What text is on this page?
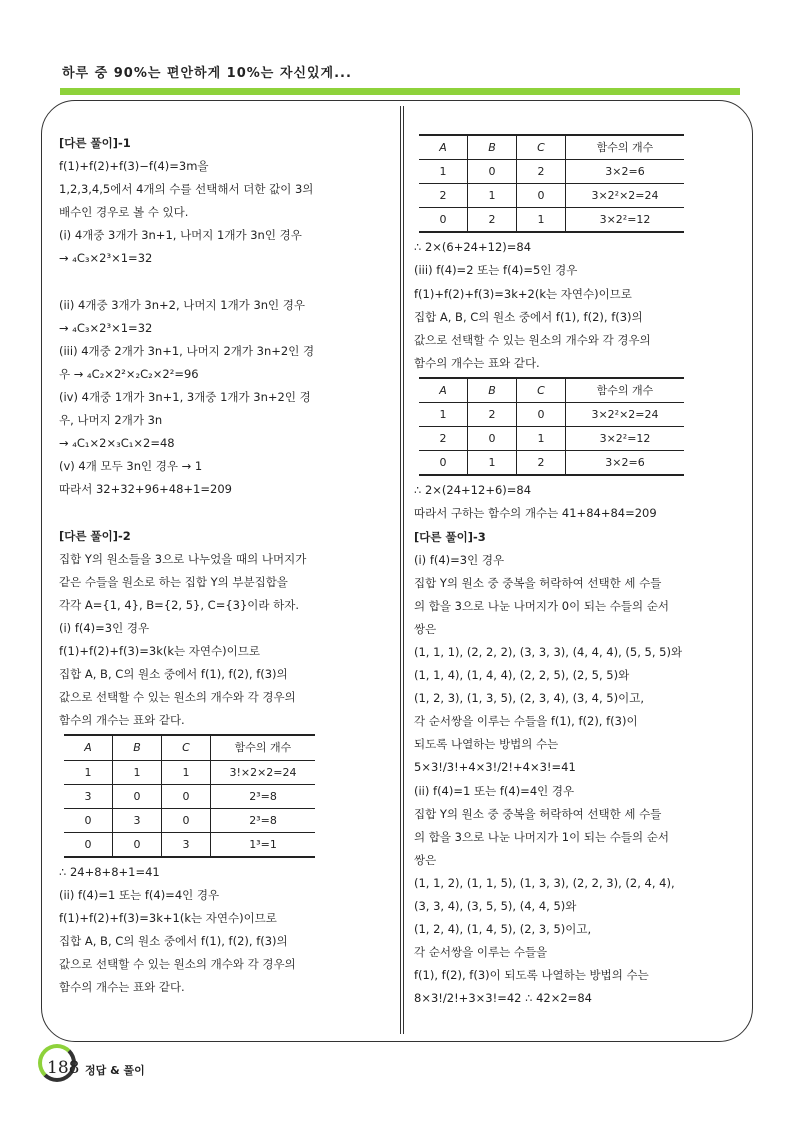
하루 중 90%는 편안하게 10%는 자신있게...
[다른 풀이]-1
f(1)+f(2)+f(3)−f(4)=3m을
1,2,3,4,5에서 4개의 수를 선택해서 더한 값이 3의
배수인 경우로 볼 수 있다.
(i) 4개중 3개가 3n+1, 나머지 1개가 3n인 경우
→ ₄C₃×2³×1=32
(ii) 4개중 3개가 3n+2, 나머지 1개가 3n인 경우
→ ₄C₃×2³×1=32
(iii) 4개중 2개가 3n+1, 나머지 2개가 3n+2인 경
우 → ₄C₂×2²×₂C₂×2²=96
(iv) 4개중 1개가 3n+1, 3개중 1개가 3n+2인 경
우, 나머지 2개가 3n
→ ₄C₁×2×₃C₁×2=48
(v) 4개 모두 3n인 경우 → 1
따라서 32+32+96+48+1=209
[다른 풀이]-2
집합 Y의 원소들을 3으로 나누었을 때의 나머지가
같은 수들을 원소로 하는 집합 Y의 부분집합을
각각 A={1, 4}, B={2, 5}, C={3}이라 하자.
(i) f(4)=3인 경우
f(1)+f(2)+f(3)=3k(k는 자연수)이므로
집합 A, B, C의 원소 중에서 f(1), f(2), f(3)의
값으로 선택할 수 있는 원소의 개수와 각 경우의
함수의 개수는 표와 같다.
A	B	C	함수의 개수
1	1	1	3!×2×2=24
3	0	0	2³=8
0	3	0	2³=8
0	0	3	1³=1
∴ 24+8+8+1=41
(ii) f(4)=1 또는 f(4)=4인 경우
f(1)+f(2)+f(3)=3k+1(k는 자연수)이므로
집합 A, B, C의 원소 중에서 f(1), f(2), f(3)의
값으로 선택할 수 있는 원소의 개수와 각 경우의
함수의 개수는 표와 같다.
A	B	C	함수의 개수
1	0	2	3×2=6
2	1	0	3×2²×2=24
0	2	1	3×2²=12
∴ 2×(6+24+12)=84
(iii) f(4)=2 또는 f(4)=5인 경우
f(1)+f(2)+f(3)=3k+2(k는 자연수)이므로
집합 A, B, C의 원소 중에서 f(1), f(2), f(3)의
값으로 선택할 수 있는 원소의 개수와 각 경우의
함수의 개수는 표와 같다.
A	B	C	함수의 개수
1	2	0	3×2²×2=24
2	0	1	3×2²=12
0	1	2	3×2=6
∴ 2×(24+12+6)=84
따라서 구하는 함수의 개수는 41+84+84=209
[다른 풀이]-3
(i) f(4)=3인 경우
집합 Y의 원소 중 중복을 허락하여 선택한 세 수들
의 합을 3으로 나눈 나머지가 0이 되는 수들의 순서
쌍은
(1, 1, 1), (2, 2, 2), (3, 3, 3), (4, 4, 4), (5, 5, 5)와
(1, 1, 4), (1, 4, 4), (2, 2, 5), (2, 5, 5)와
(1, 2, 3), (1, 3, 5), (2, 3, 4), (3, 4, 5)이고,
각 순서쌍을 이루는 수들을 f(1), f(2), f(3)이
되도록 나열하는 방법의 수는
5×3!/3!+4×3!/2!+4×3!=41
(ii) f(4)=1 또는 f(4)=4인 경우
집합 Y의 원소 중 중복을 허락하여 선택한 세 수들
의 합을 3으로 나눈 나머지가 1이 되는 수들의 순서
쌍은
(1, 1, 2), (1, 1, 5), (1, 3, 3), (2, 2, 3), (2, 4, 4),
(3, 3, 4), (3, 5, 5), (4, 4, 5)와
(1, 2, 4), (1, 4, 5), (2, 3, 5)이고,
각 순서쌍을 이루는 수들을
f(1), f(2), f(3)이 되도록 나열하는 방법의 수는
8×3!/2!+3×3!=42 ∴ 42×2=84
188 정답 & 풀이
